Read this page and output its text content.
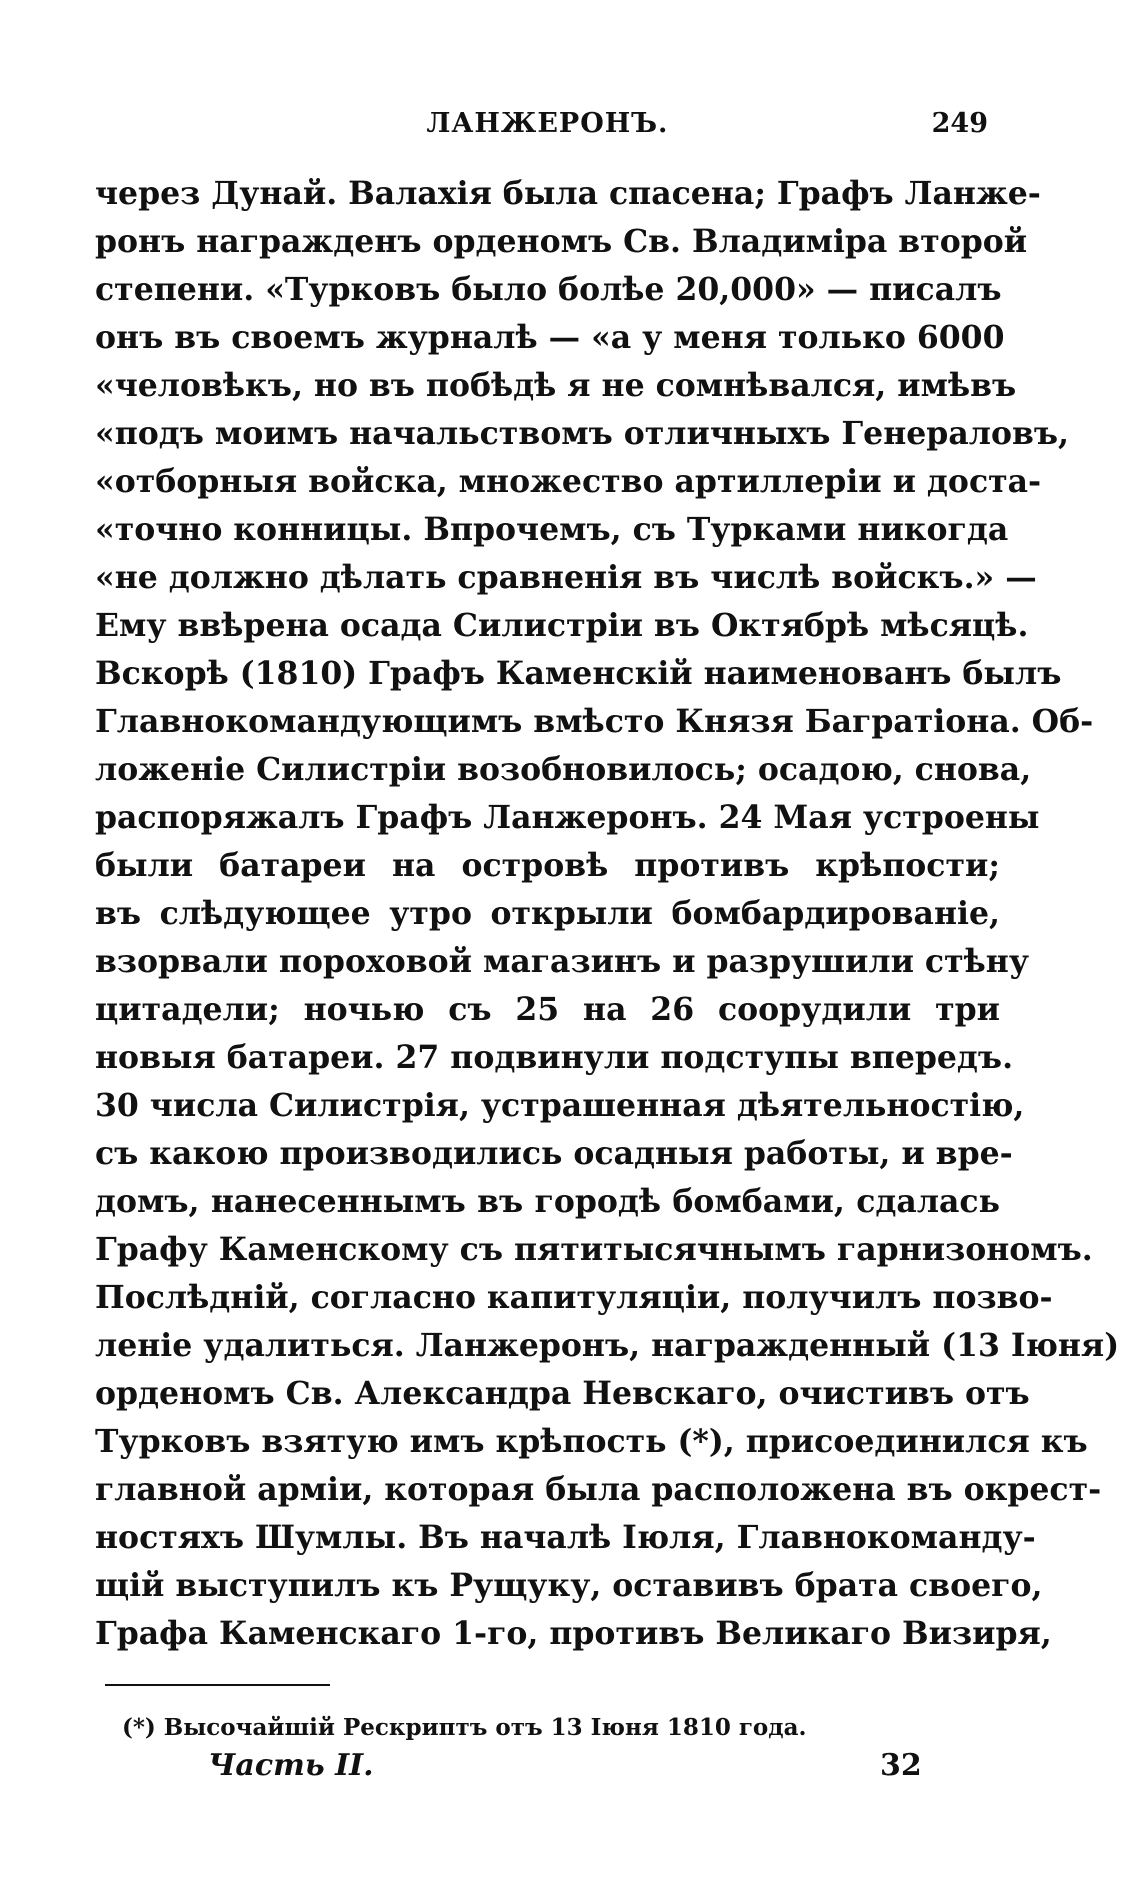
ЛАНЖЕРОНЪ.	249
через Дунай. Валахія была спасена; Графъ Ланже-
ронъ награжденъ орденомъ Св. Владиміра второй
степени. «Турковъ было болѣе 20,000» — писалъ
онъ въ своемъ журналѣ — «а у меня только 6000
«человѣкъ, но въ побѣдѣ я не сомнѣвался, имѣвъ
«подъ моимъ начальствомъ отличныхъ Генераловъ,
«отборныя войска, множество артиллеріи и доста-
«точно конницы. Впрочемъ, съ Турками никогда
«не должно дѣлать сравненія въ числѣ войскъ.» —
Ему ввѣрена осада Силистріи въ Октябрѣ мѣсяцѣ.
Вскорѣ (1810) Графъ Каменскій наименованъ былъ
Главнокомандующимъ вмѣсто Князя Багратіона. Об-
ложеніе Силистріи возобновилось; осадою, снова,
распоряжалъ Графъ Ланжеронъ. 24 Мая устроены
были батареи на островѣ противъ крѣпости;
въ слѣдующее утро открыли бомбардированіе,
взорвали пороховой магазинъ и разрушили стѣну
цитадели; ночью съ 25 на 26 соорудили три
новыя батареи. 27 подвинули подступы впередъ.
30 числа Силистрія, устрашенная дѣятельностію,
съ какою производились осадныя работы, и вре-
домъ, нанесеннымъ въ городѣ бомбами, сдалась
Графу Каменскому съ пятитысячнымъ гарнизономъ.
Послѣдній, согласно капитуляціи, получилъ позво-
леніе удалиться. Ланжеронъ, награжденный (13 Іюня)
орденомъ Св. Александра Невскаго, очистивъ отъ
Турковъ взятую имъ крѣпость (*), присоединился къ
главной арміи, которая была расположена въ окрест-
ностяхъ Шумлы. Въ началѣ Іюля, Главнокоманду-
щій выступилъ къ Рущуку, оставивъ брата своего,
Графа Каменскаго 1-го, противъ Великаго Визиря,
(*) Высочайшій Рескриптъ отъ 13 Іюня 1810 года.
Часть II.	32
